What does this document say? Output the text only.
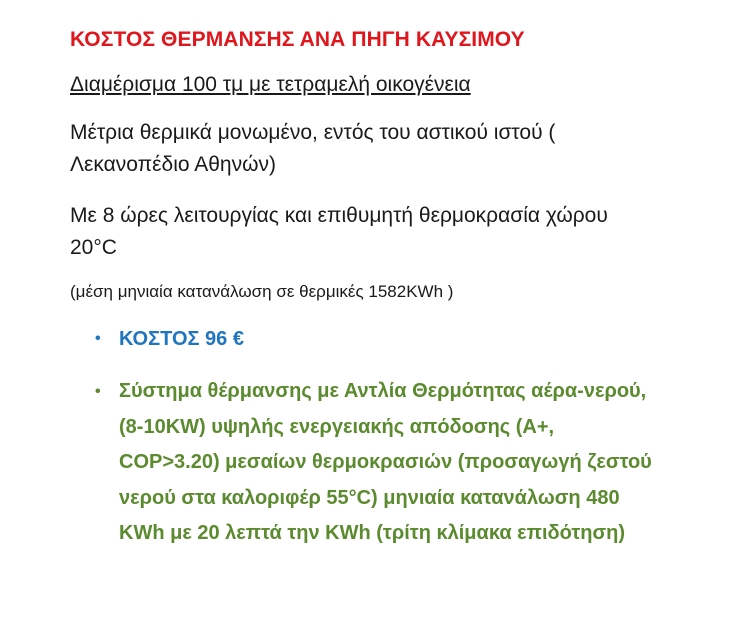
ΚΟΣΤΟΣ ΘΕΡΜΑΝΣΗΣ ΑΝΑ ΠΗΓΗ ΚΑΥΣΙΜΟΥ
Διαμέρισμα 100 τμ με τετραμελή οικογένεια
Μέτρια θερμικά μονωμένο, εντός του αστικού ιστού ( Λεκανοπέδιο Αθηνών)
Με 8 ώρες λειτουργίας και επιθυμητή θερμοκρασία χώρου 20°C
(μέση μηνιαία κατανάλωση σε θερμικές 1582KWh )
• ΚΟΣΤΟΣ 96 €
• Σύστημα θέρμανσης με Αντλία Θερμότητας αέρα-νερού, (8-10KW) υψηλής ενεργειακής απόδοσης (Α+, COP>3.20) μεσαίων θερμοκρασιών (προσαγωγή ζεστού νερού στα καλοριφέρ 55°C) μηνιαία κατανάλωση 480 KWh με 20 λεπτά την KWh (τρίτη κλίμακα επιδότηση)
